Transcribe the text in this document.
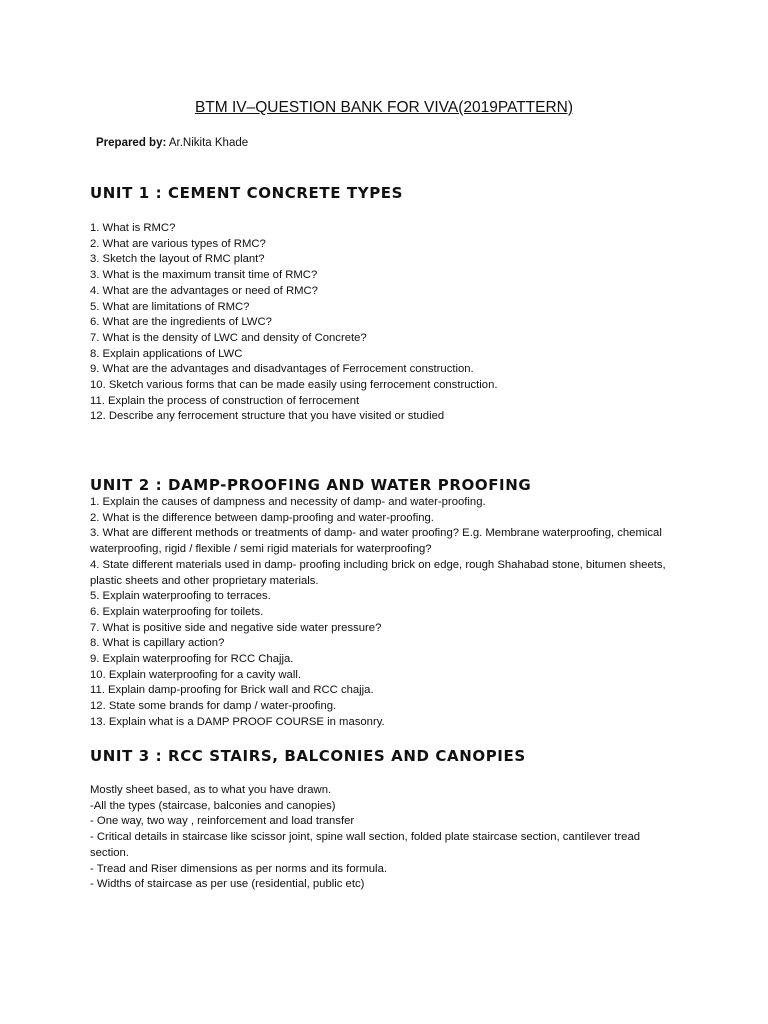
BTM IV–QUESTION BANK FOR VIVA(2019PATTERN)
Prepared by: Ar.Nikita Khade
UNIT 1 : CEMENT CONCRETE TYPES
1. What is RMC?
2. What are various types of RMC?
3. Sketch the layout of RMC plant?
3. What is the maximum transit time of RMC?
4. What are the advantages or need of RMC?
5. What are limitations of RMC?
6. What are the ingredients of LWC?
7. What is the density of LWC and density of Concrete?
8. Explain applications of LWC
9. What are the advantages and disadvantages of Ferrocement construction.
10. Sketch various forms that can be made easily using ferrocement construction.
11. Explain the process of construction of ferrocement
12. Describe any ferrocement structure that you have visited or studied
UNIT 2 : DAMP-PROOFING AND WATER PROOFING
1. Explain the causes of dampness and necessity of damp- and water-proofing.
2. What is the difference between damp-proofing and water-proofing.
3. What are different methods or treatments of damp- and water proofing? E.g. Membrane waterproofing, chemical waterproofing, rigid / flexible / semi rigid materials for waterproofing?
4. State different materials used in damp- proofing including brick on edge, rough Shahabad stone, bitumen sheets, plastic sheets and other proprietary materials.
5. Explain waterproofing to terraces.
6. Explain waterproofing for toilets.
7. What is positive side and negative side water pressure?
8. What is capillary action?
9. Explain waterproofing for RCC Chajja.
10. Explain waterproofing for a cavity wall.
11. Explain damp-proofing for Brick wall and RCC chajja.
12. State some brands for damp / water-proofing.
13. Explain what is a DAMP PROOF COURSE in masonry.
UNIT 3 : RCC STAIRS, BALCONIES AND CANOPIES
Mostly sheet based, as to what you have drawn.
-All the types (staircase, balconies and canopies)
- One way, two way , reinforcement and load transfer
- Critical details in staircase like scissor joint, spine wall section, folded plate staircase section, cantilever tread section.
- Tread and Riser dimensions as per norms and its formula.
- Widths of staircase as per use (residential, public etc)
